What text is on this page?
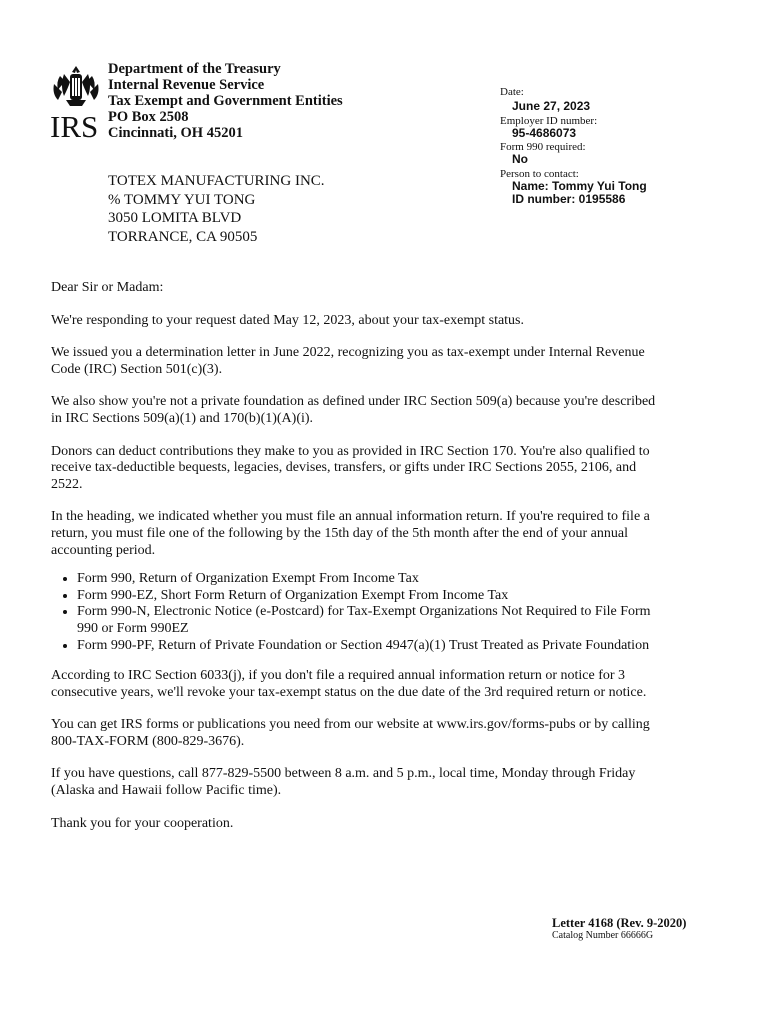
IRS
Department of the Treasury
Internal Revenue Service
Tax Exempt and Government Entities
PO Box 2508
Cincinnati, OH 45201
TOTEX MANUFACTURING INC.
% TOMMY YUI TONG
3050 LOMITA BLVD
TORRANCE, CA 90505
Date:
June 27, 2023
Employer ID number:
95-4686073
Form 990 required:
No
Person to contact:
Name: Tommy Yui Tong
ID number: 0195586

Dear Sir or Madam:

We're responding to your request dated May 12, 2023, about your tax-exempt status.

We issued you a determination letter in June 2022, recognizing you as tax-exempt under Internal Revenue Code (IRC) Section 501(c)(3).

We also show you're not a private foundation as defined under IRC Section 509(a) because you're described in IRC Sections 509(a)(1) and 170(b)(1)(A)(i).

Donors can deduct contributions they make to you as provided in IRC Section 170. You're also qualified to receive tax-deductible bequests, legacies, devises, transfers, or gifts under IRC Sections 2055, 2106, and 2522.

In the heading, we indicated whether you must file an annual information return. If you're required to file a return, you must file one of the following by the 15th day of the 5th month after the end of your annual accounting period.

• Form 990, Return of Organization Exempt From Income Tax
• Form 990-EZ, Short Form Return of Organization Exempt From Income Tax
• Form 990-N, Electronic Notice (e-Postcard) for Tax-Exempt Organizations Not Required to File Form 990 or Form 990EZ
• Form 990-PF, Return of Private Foundation or Section 4947(a)(1) Trust Treated as Private Foundation

According to IRC Section 6033(j), if you don't file a required annual information return or notice for 3 consecutive years, we'll revoke your tax-exempt status on the due date of the 3rd required return or notice.

You can get IRS forms or publications you need from our website at www.irs.gov/forms-pubs or by calling 800-TAX-FORM (800-829-3676).

If you have questions, call 877-829-5500 between 8 a.m. and 5 p.m., local time, Monday through Friday (Alaska and Hawaii follow Pacific time).

Thank you for your cooperation.

Letter 4168 (Rev. 9-2020)
Catalog Number 66666G
